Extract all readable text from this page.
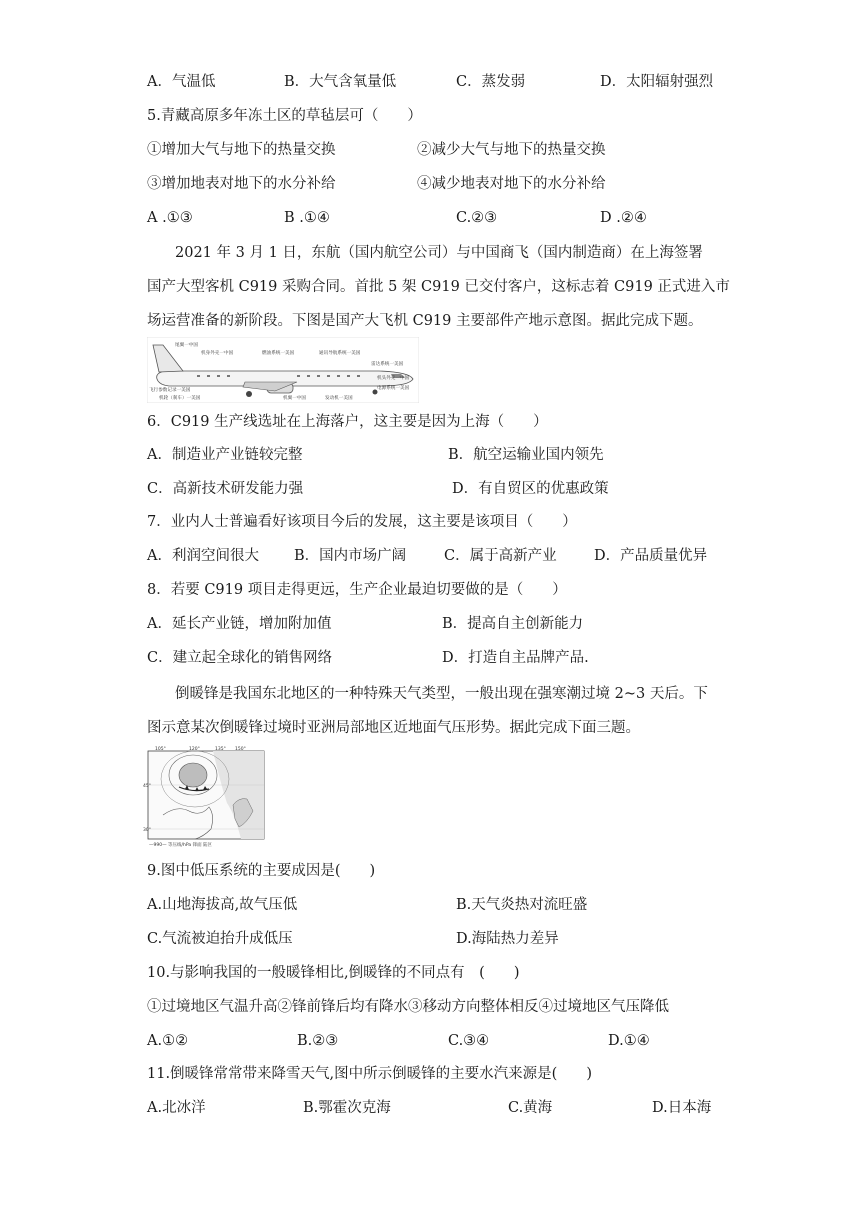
A．气温低	B．大气含氧量低	C．蒸发弱	D．太阳辐射强烈
5.青藏高原多年冻土区的草毡层可（　　）
①增加大气与地下的热量交换	②减少大气与地下的热量交换
③增加地表对地下的水分补给	④减少地表对地下的水分补给
A .①③	B .①④	C.②③	D .②④
2021 年 3 月 1 日，东航（国内航空公司）与中国商飞（国内制造商）在上海签署
国产大型客机 C919 采购合同。首批 5 架 C919 已交付客户，这标志着 C919 正式进入市
场运营准备的新阶段。下图是国产大飞机 C919 主要部件产地示意图。据此完成下题。
尾翼一中国
机身外壳一中国	燃油系统一美国	通讯导航系统一美国
雷达系统一美国
机头外壳一中国
电源系统一美国
飞行参数记录一美国
机轮（刹车）一美国	机翼一中国	发动机一美国
6．C919 生产线选址在上海落户，这主要是因为上海（　　）
A．制造业产业链较完整	B．航空运输业国内领先
C．高新技术研发能力强	D．有自贸区的优惠政策
7．业内人士普遍看好该项目今后的发展，这主要是该项目（　　）
A．利润空间很大 B．国内市场广阔	C．属于高新产业	D．产品质量优异
8．若要 C919 项目走得更远，生产企业最迫切要做的是（　　）
A．延长产业链，增加附加值	B．提高自主创新能力
C．建立起全球化的销售网络	D．打造自主品牌产品.
倒暖锋是我国东北地区的一种特殊天气类型，一般出现在强寒潮过境 2~3 天后。下
图示意某次倒暖锋过境时亚洲局部地区近地面气压形势。据此完成下面三题。
105°	120°	135° 150°
45°
30°
—990— 等压线/hPa 锋面 陆区
9.图中低压系统的主要成因是(　　)
A.山地海拔高,故气压低	B.天气炎热对流旺盛
C.气流被迫抬升成低压	D.海陆热力差异
10.与影响我国的一般暖锋相比,倒暖锋的不同点有　(　　)
①过境地区气温升高②锋前锋后均有降水③移动方向整体相反④过境地区气压降低
A.①②	B.②③	C.③④	D.①④
11.倒暖锋常常带来降雪天气,图中所示倒暖锋的主要水汽来源是(　　)
A.北冰洋	B.鄂霍次克海	C.黄海	D.日本海
